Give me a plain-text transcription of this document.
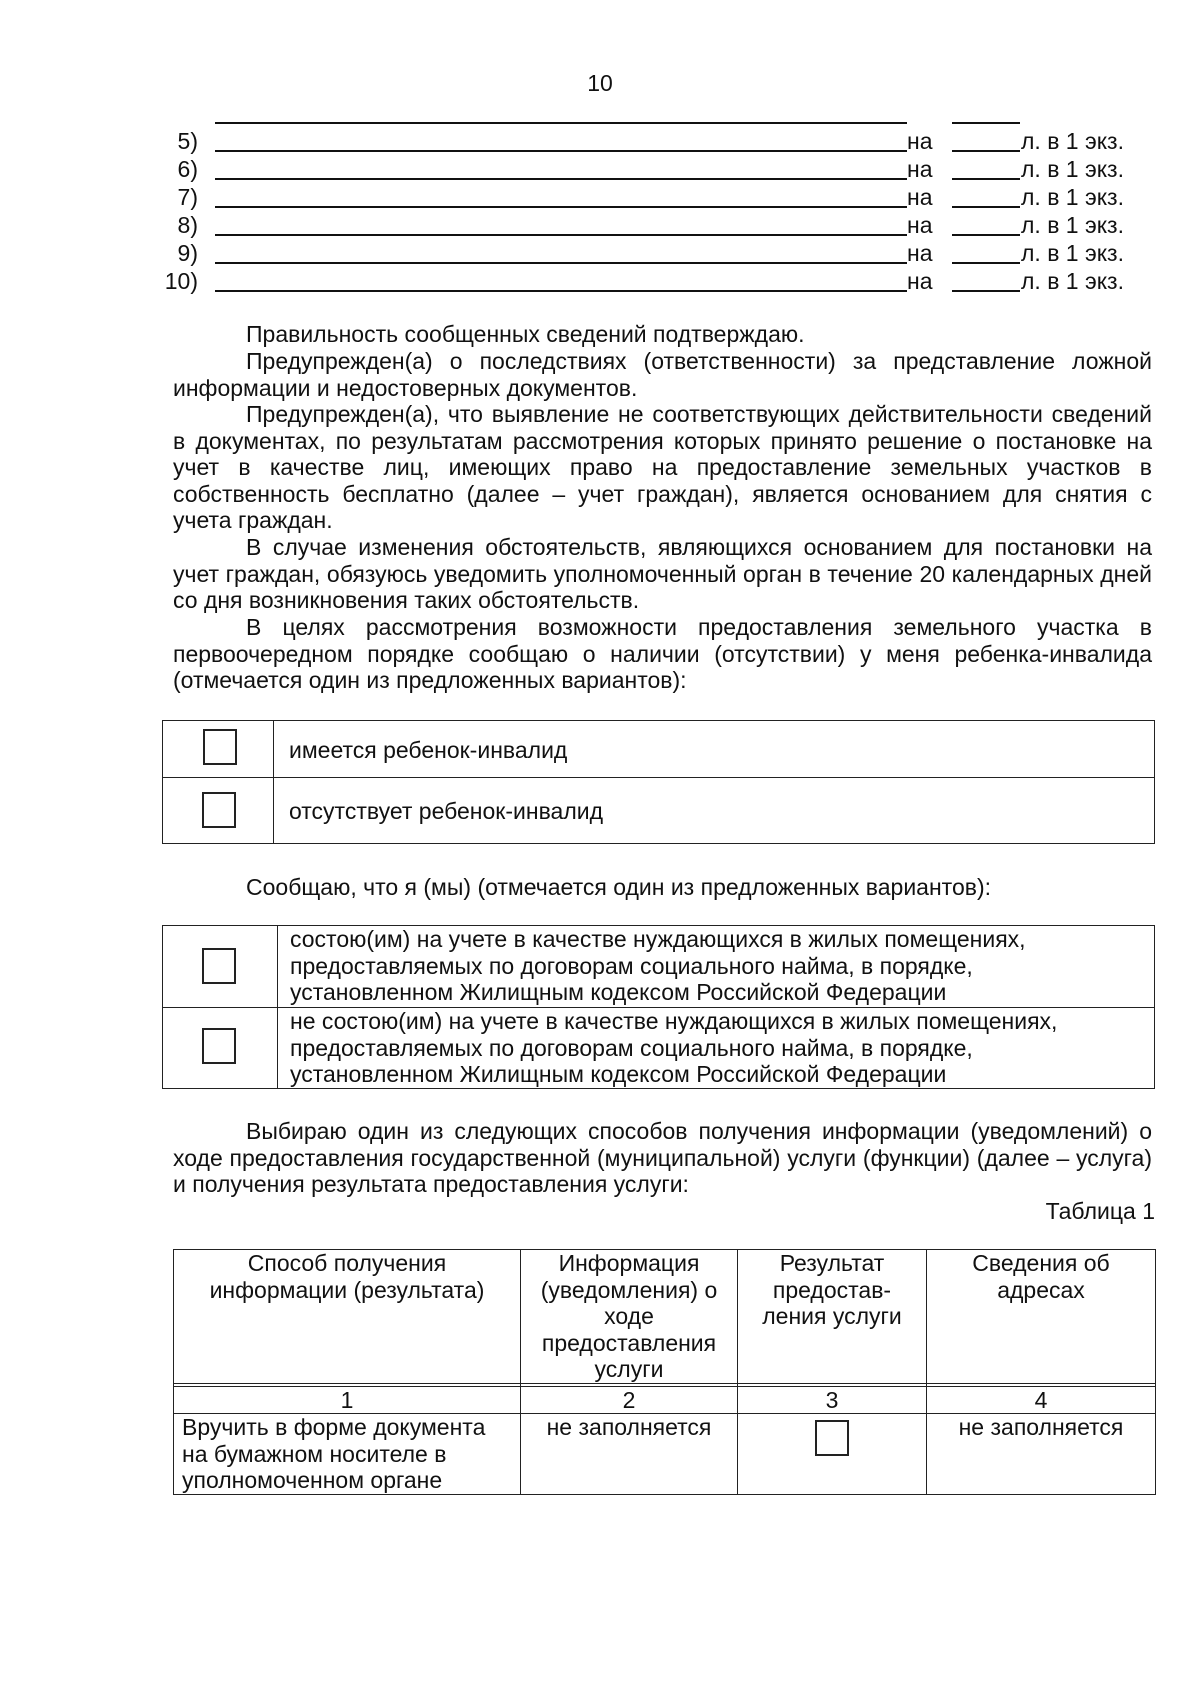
10
5)	на	л. в 1 экз.
6)	на	л. в 1 экз.
7)	на	л. в 1 экз.
8)	на	л. в 1 экз.
9)	на	л. в 1 экз.
10)	на	л. в 1 экз.

Правильность сообщенных сведений подтверждаю.

Предупрежден(а) о последствиях (ответственности) за представление ложной информации и недостоверных документов.

Предупрежден(а), что выявление не соответствующих действительности сведений в документах, по результатам рассмотрения которых принято решение о постановке на учет в качестве лиц, имеющих право на предоставление земельных участков в собственность бесплатно (далее – учет граждан), является основанием для снятия с учета граждан.

В случае изменения обстоятельств, являющихся основанием для постановки на учет граждан, обязуюсь уведомить уполномоченный орган в течение 20 календарных дней со дня возникновения таких обстоятельств.

В целях рассмотрения возможности предоставления земельного участка в первоочередном порядке сообщаю о наличии (отсутствии) у меня ребенка-инвалида (отмечается один из предложенных вариантов):

имеется ребенок-инвалид
отсутствует ребенок-инвалид

Сообщаю, что я (мы) (отмечается один из предложенных вариантов):

состою(им) на учете в качестве нуждающихся в жилых помещениях,
предоставляемых по договорам социального найма, в порядке,
установленном Жилищным кодексом Российской Федерации
не состою(им) на учете в качестве нуждающихся в жилых помещениях,
предоставляемых по договорам социального найма, в порядке,
установленном Жилищным кодексом Российской Федерации

Выбираю один из следующих способов получения информации (уведомлений) о ходе предоставления государственной (муниципальной) услуги (функции) (далее – услуга) и получения результата предоставления услуги:

Таблица 1
Способ получения информации (результата)	Информация (уведомления) о ходе предоставления услуги	Результат предостав-ления услуги	Сведения об адресах

1	2	3	4
Вручить в форме документа на бумажном носителе в уполномоченном органе	не заполняется		не заполняется
